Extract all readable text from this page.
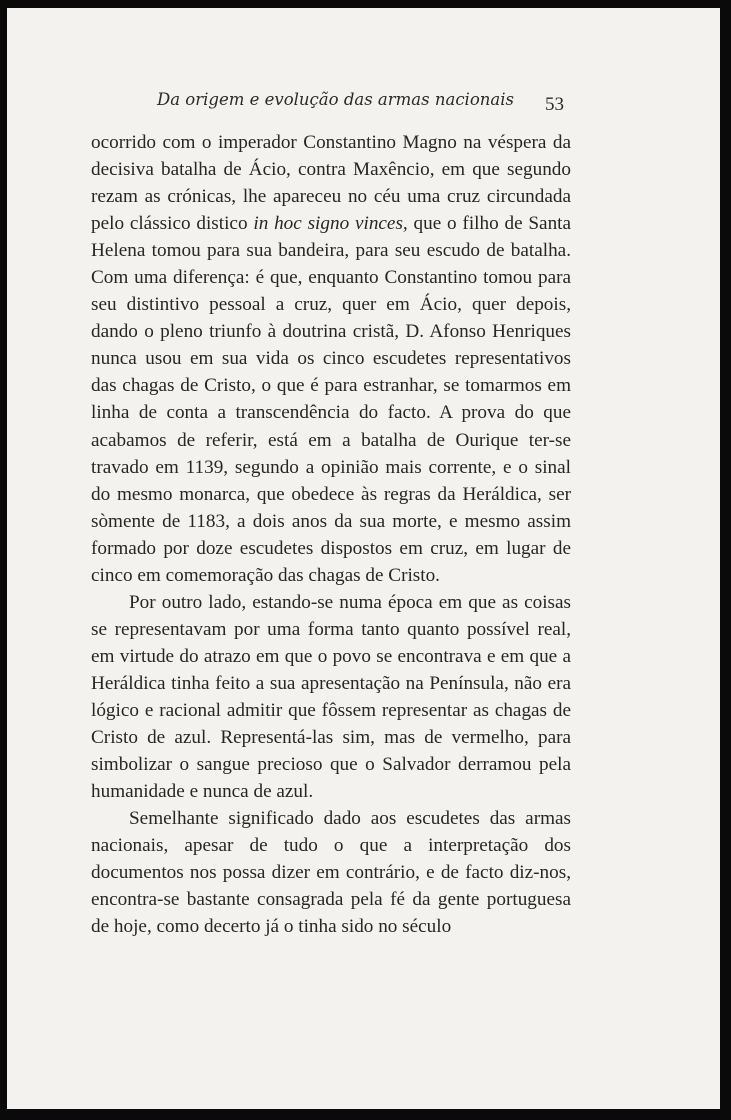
Da origem e evolução das armas nacionais 53

ocorrido com o imperador Constantino Magno na véspera da decisiva batalha de Ácio, contra Maxêncio, em que segundo rezam as crónicas, lhe apareceu no céu uma cruz circundada pelo clássico distico in hoc signo vinces, que o filho de Santa Helena tomou para sua bandeira, para seu escudo de batalha. Com uma diferença: é que, enquanto Constantino tomou para seu distintivo pessoal a cruz, quer em Ácio, quer depois, dando o pleno triunfo à doutrina cristã, D. Afonso Henriques nunca usou em sua vida os cinco escudetes representativos das chagas de Cristo, o que é para estranhar, se tomarmos em linha de conta a transcendência do facto. A prova do que acabamos de referir, está em a batalha de Ourique ter-se travado em 1139, segundo a opinião mais corrente, e o sinal do mesmo monarca, que obedece às regras da Heráldica, ser sòmente de 1183, a dois anos da sua morte, e mesmo assim formado por doze escudetes dispostos em cruz, em lugar de cinco em comemoração das chagas de Cristo.

Por outro lado, estando-se numa época em que as coisas se representavam por uma forma tanto quanto possível real, em virtude do atrazo em que o povo se encontrava e em que a Heráldica tinha feito a sua apresentação na Península, não era lógico e racional admitir que fôssem representar as chagas de Cristo de azul. Representá-las sim, mas de vermelho, para simbolizar o sangue precioso que o Salvador derramou pela humanidade e nunca de azul.

Semelhante significado dado aos escudetes das armas nacionais, apesar de tudo o que a interpretação dos documentos nos possa dizer em contrário, e de facto diz-nos, encontra-se bastante consagrada pela fé da gente portuguesa de hoje, como decerto já o tinha sido no século
